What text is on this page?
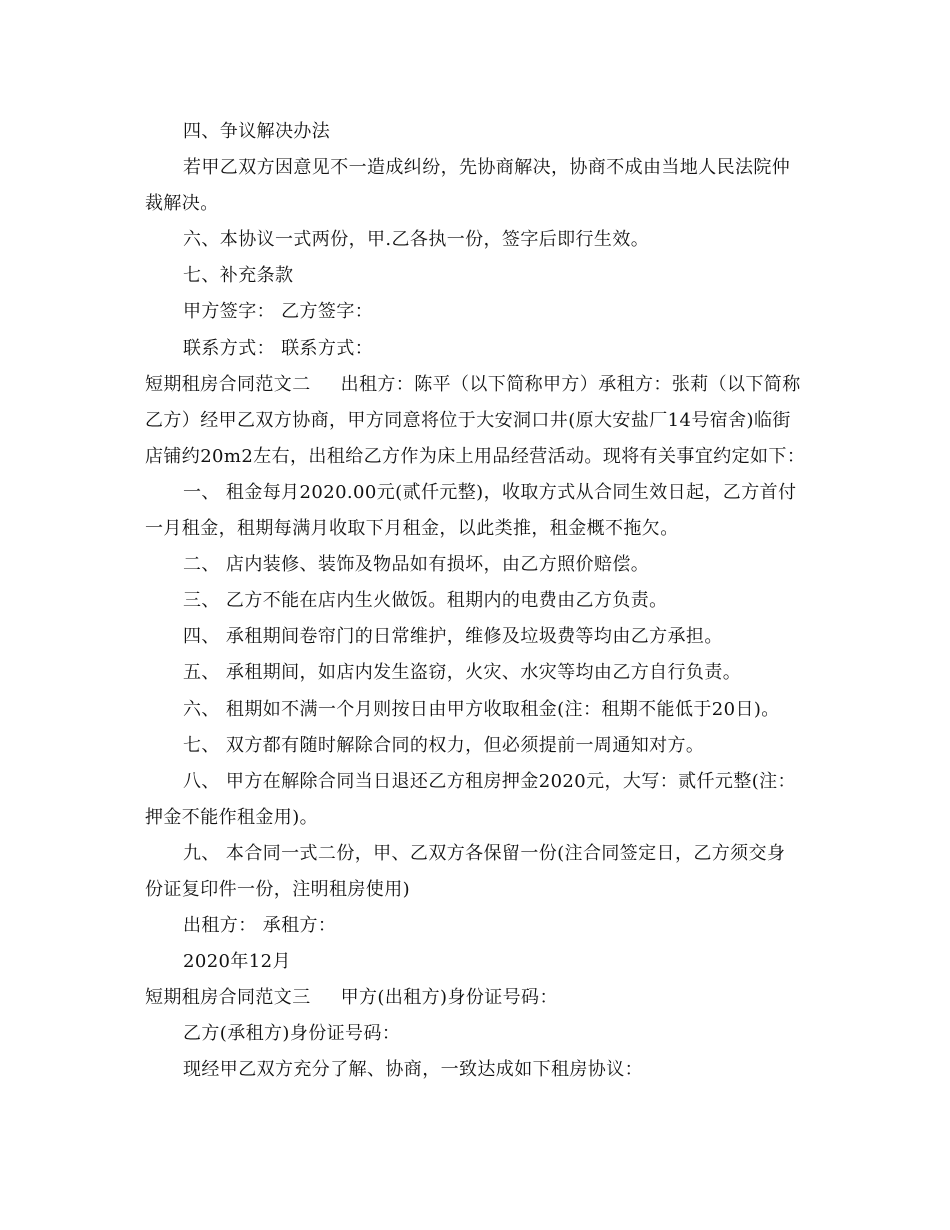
四、争议解决办法
若甲乙双方因意见不一造成纠纷，先协商解决，协商不成由当地人民法院仲
裁解决。
六、本协议一式两份，甲.乙各执一份，签字后即行生效。
七、补充条款
甲方签字： 乙方签字：
联系方式： 联系方式：
短期租房合同范文二 出租方：陈平（以下简称甲方）承租方：张莉（以下简称
乙方）经甲乙双方协商，甲方同意将位于大安洞口井(原大安盐厂14号宿舍)临街
店铺约20m2左右，出租给乙方作为床上用品经营活动。现将有关事宜约定如下：
一、 租金每月2020.00元(贰仟元整)，收取方式从合同生效日起，乙方首付
一月租金，租期每满月收取下月租金，以此类推，租金概不拖欠。
二、 店内装修、装饰及物品如有损坏，由乙方照价赔偿。
三、 乙方不能在店内生火做饭。租期内的电费由乙方负责。
四、 承租期间卷帘门的日常维护，维修及垃圾费等均由乙方承担。
五、 承租期间，如店内发生盗窃，火灾、水灾等均由乙方自行负责。
六、 租期如不满一个月则按日由甲方收取租金(注：租期不能低于20日)。
七、 双方都有随时解除合同的权力，但必须提前一周通知对方。
八、 甲方在解除合同当日退还乙方租房押金2020元，大写：贰仟元整(注：
押金不能作租金用)。
九、 本合同一式二份，甲、乙双方各保留一份(注合同签定日，乙方须交身
份证复印件一份，注明租房使用)
出租方： 承租方：
2020年12月
短期租房合同范文三 甲方(出租方)身份证号码：
乙方(承租方)身份证号码：
现经甲乙双方充分了解、协商，一致达成如下租房协议：
